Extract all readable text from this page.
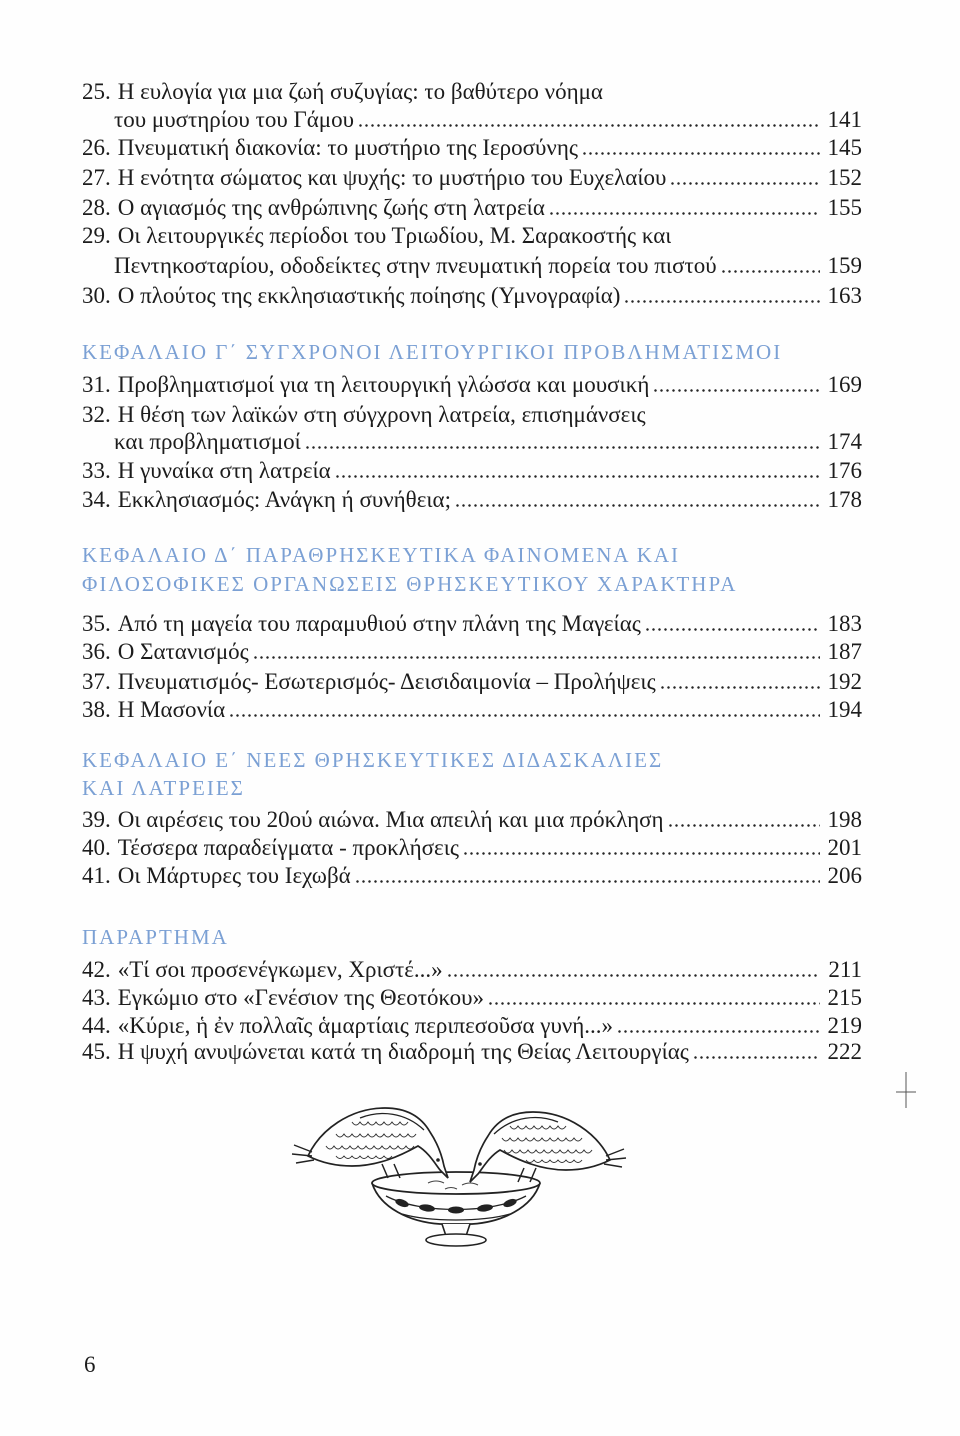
25. Η ευλογία για μια ζωή συζυγίας: το βαθύτερο νόημα
του μυστηρίου του Γάμου	141
26. Πνευματική διακονία: το μυστήριο της Ιεροσύνης	145
27. Η ενότητα σώματος και ψυχής: το μυστήριο του Ευχελαίου	152
28. Ο αγιασμός της ανθρώπινης ζωής στη λατρεία	155
29. Οι λειτουργικές περίοδοι του Τριωδίου, Μ. Σαρακοστής και
Πεντηκοσταρίου, οδοδείκτες στην πνευματική πορεία του πιστού	159
30. Ο πλούτος της εκκλησιαστικής ποίησης (Υμνογραφία)	163
ΚΕΦΑΛΑΙΟ Γ΄ ΣΥΓΧΡΟΝΟΙ ΛΕΙΤΟΥΡΓΙΚΟΙ ΠΡΟΒΛΗΜΑΤΙΣΜΟΙ
31. Προβληματισμοί για τη λειτουργική γλώσσα και μουσική	169
32. Η θέση των λαϊκών στη σύγχρονη λατρεία, επισημάνσεις
και προβληματισμοί	174
33. Η γυναίκα στη λατρεία	176
34. Εκκλησιασμός: Ανάγκη ή συνήθεια;	178
ΚΕΦΑΛΑΙΟ Δ΄ ΠΑΡΑΘΡΗΣΚΕΥΤΙΚΑ ΦΑΙΝΟΜΕΝΑ ΚΑΙ
ΦΙΛΟΣΟΦΙΚΕΣ ΟΡΓΑΝΩΣΕΙΣ ΘΡΗΣΚΕΥΤΙΚΟΥ ΧΑΡΑΚΤΗΡΑ
35. Από τη μαγεία του παραμυθιού στην πλάνη της Μαγείας	183
36. Ο Σατανισμός	187
37. Πνευματισμός- Εσωτερισμός- Δεισιδαιμονία – Προλήψεις	192
38. Η Μασονία	194
ΚΕΦΑΛΑΙΟ Ε΄ ΝΕΕΣ ΘΡΗΣΚΕΥΤΙΚΕΣ ΔΙΔΑΣΚΑΛΙΕΣ
ΚΑΙ ΛΑΤΡΕΙΕΣ
39. Οι αιρέσεις του 20ού αιώνα. Μια απειλή και μια πρόκληση	198
40. Τέσσερα παραδείγματα - προκλήσεις	201
41. Οι Μάρτυρες του Ιεχωβά	206
ΠΑΡΑΡΤΗΜΑ
42. «Τί σοι προσενέγκωμεν, Χριστέ...»	211
43. Εγκώμιο στο «Γενέσιον της Θεοτόκου»	215
44. «Κύριε, ἡ ἐν πολλαῖς ἁμαρτίαις περιπεσοῦσα γυνή...»	219
45. Η ψυχή ανυψώνεται κατά τη διαδρομή της Θείας Λειτουργίας	222
6
